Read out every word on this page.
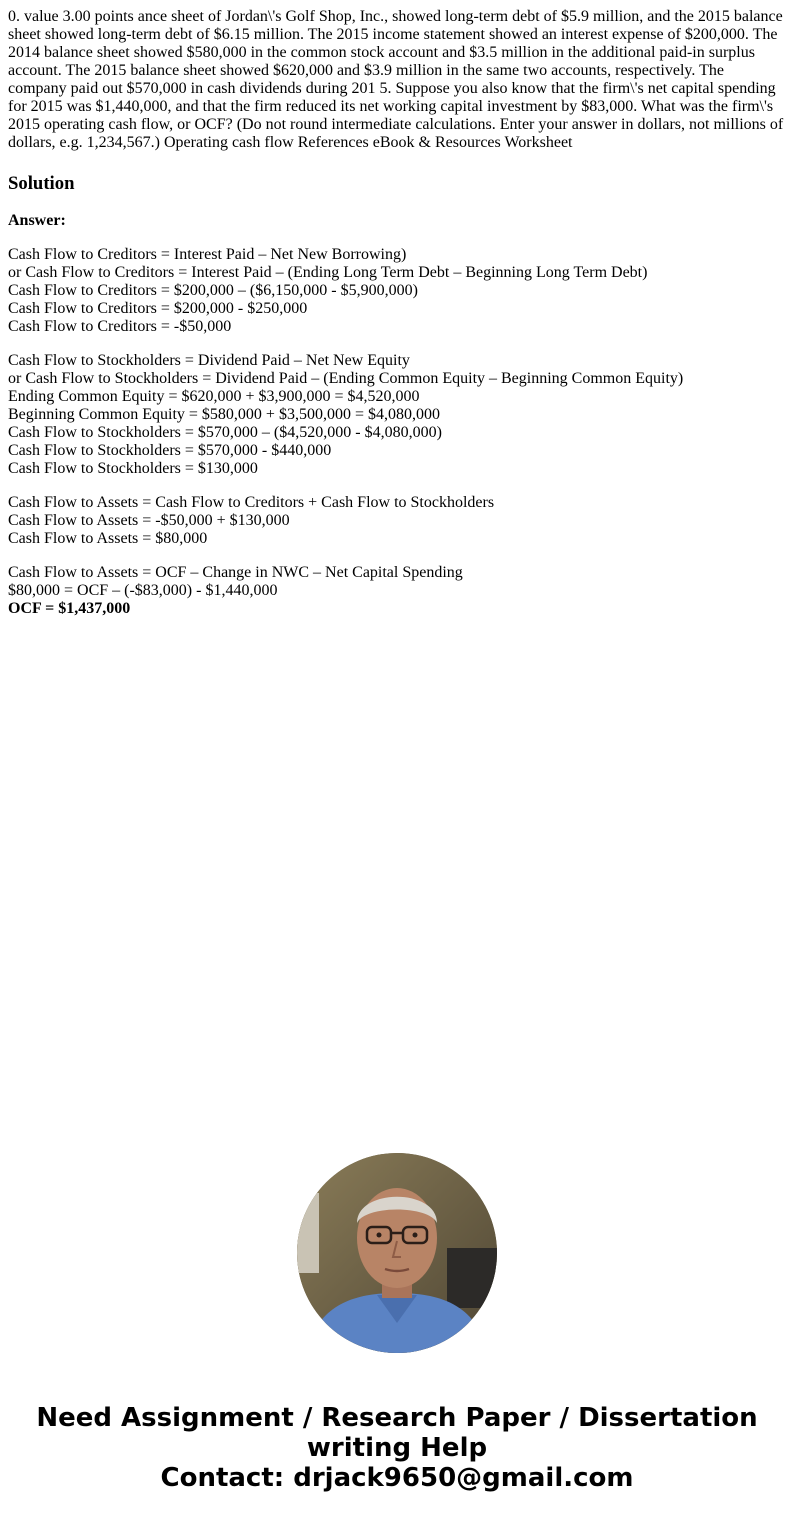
0. value 3.00 points ance sheet of Jordan\'s Golf Shop, Inc., showed long-term debt of $5.9 million, and the 2015 balance sheet showed long-term debt of $6.15 million. The 2015 income statement showed an interest expense of $200,000. The 2014 balance sheet showed $580,000 in the common stock account and $3.5 million in the additional paid-in surplus account. The 2015 balance sheet showed $620,000 and $3.9 million in the same two accounts, respectively. The company paid out $570,000 in cash dividends during 201 5. Suppose you also know that the firm\'s net capital spending for 2015 was $1,440,000, and that the firm reduced its net working capital investment by $83,000. What was the firm\'s 2015 operating cash flow, or OCF? (Do not round intermediate calculations. Enter your answer in dollars, not millions of dollars, e.g. 1,234,567.) Operating cash flow References eBook & Resources Worksheet

Solution

Answer:

Cash Flow to Creditors = Interest Paid – Net New Borrowing)
or Cash Flow to Creditors = Interest Paid – (Ending Long Term Debt – Beginning Long Term Debt)
Cash Flow to Creditors = $200,000 – ($6,150,000 - $5,900,000)
Cash Flow to Creditors = $200,000 - $250,000
Cash Flow to Creditors = -$50,000

Cash Flow to Stockholders = Dividend Paid – Net New Equity
or Cash Flow to Stockholders = Dividend Paid – (Ending Common Equity – Beginning Common Equity)
Ending Common Equity = $620,000 + $3,900,000 = $4,520,000
Beginning Common Equity = $580,000 + $3,500,000 = $4,080,000
Cash Flow to Stockholders = $570,000 – ($4,520,000 - $4,080,000)
Cash Flow to Stockholders = $570,000 - $440,000
Cash Flow to Stockholders = $130,000

Cash Flow to Assets = Cash Flow to Creditors + Cash Flow to Stockholders
Cash Flow to Assets = -$50,000 + $130,000
Cash Flow to Assets = $80,000

Cash Flow to Assets = OCF – Change in NWC – Net Capital Spending
$80,000 = OCF – (-$83,000) - $1,440,000
OCF = $1,437,000

Need Assignment / Research Paper / Dissertation
writing Help
Contact: drjack9650@gmail.com
